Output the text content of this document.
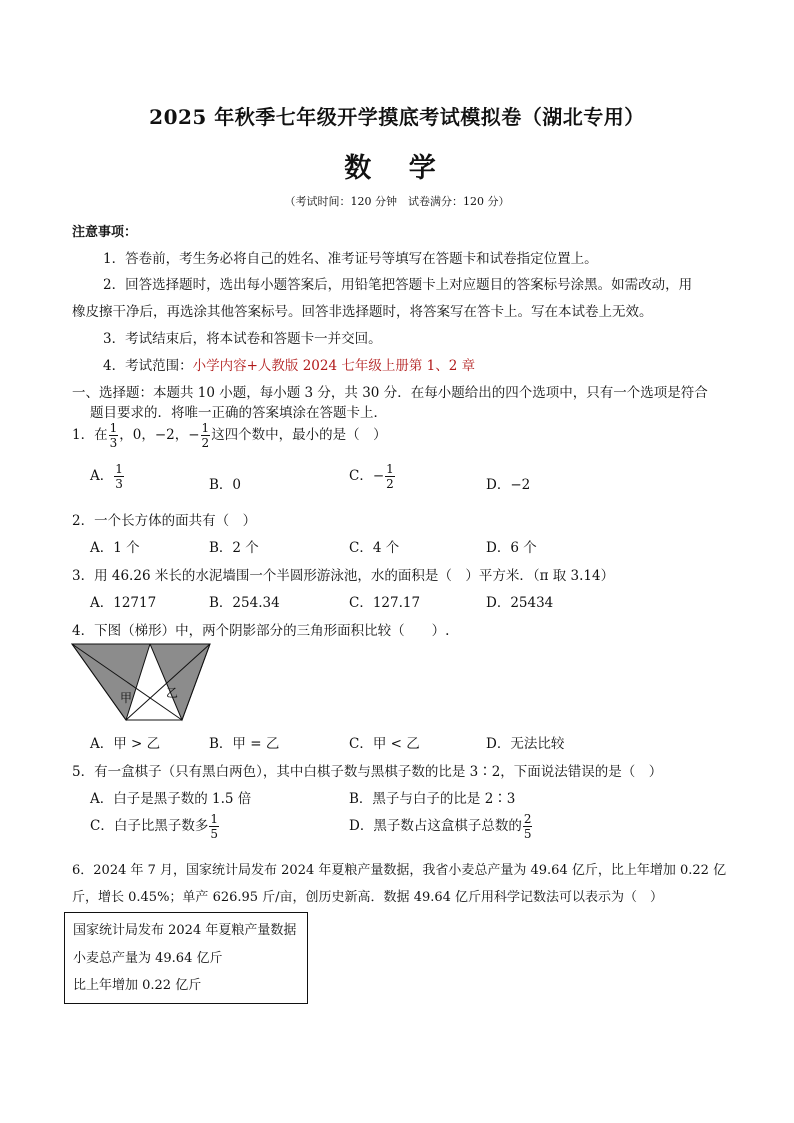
2025 年秋季七年级开学摸底考试模拟卷（湖北专用）
数 学
（考试时间：120 分钟　试卷满分：120 分）
注意事项：
1．答卷前，考生务必将自己的姓名、准考证号等填写在答题卡和试卷指定位置上。
2．回答选择题时，选出每小题答案后，用铅笔把答题卡上对应题目的答案标号涂黑。如需改动，用
橡皮擦干净后，再选涂其他答案标号。回答非选择题时，将答案写在答卡上。写在本试卷上无效。
3．考试结束后，将本试卷和答题卡一并交回。
4．考试范围：小学内容+人教版 2024 七年级上册第 1、2 章
一、选择题：本题共 10 小题，每小题 3 分，共 30 分．在每小题给出的四个选项中，只有一个选项是符合
题目要求的．将唯一正确的答案填涂在答题卡上．
1．在 $\frac{1}{3}$ ，0，−2，− $\frac{1}{2}$ 这四个数中，最小的是（　）
A． $\frac{1}{3}$	B．0
C．− $\frac{1}{2}$	D．−2
2．一个长方体的面共有（　）
A．1 个	B．2 个	C．4 个	D．6 个
3．用 46.26 米长的水泥墙围一个半圆形游泳池，水的面积是（　）平方米．（π 取 3.14）
A．12717	B．254.34	C．127.17	D．25434
4．下图（梯形）中，两个阴影部分的三角形面积比较（　　）.
甲	乙
A．甲 > 乙	B．甲 = 乙	C．甲 < 乙	D．无法比较
5．有一盒棋子（只有黑白两色），其中白棋子数与黑棋子数的比是 3∶2，下面说法错误的是（　）
A．白子是黑子数的 1.5 倍	B．黑子与白子的比是 2∶3
C．白子比黑子数多 $\frac{1}{5}$	D．黑子数占这盒棋子总数的 $\frac{2}{5}$
6．2024 年 7 月，国家统计局发布 2024 年夏粮产量数据，我省小麦总产量为 49.64 亿斤，比上年增加 0.22 亿
斤，增长 0.45%；单产 626.95 斤/亩，创历史新高．数据 49.64 亿斤用科学记数法可以表示为（　）
国家统计局发布 2024 年夏粮产量数据
小麦总产量为 49.64 亿斤
比上年增加 0.22 亿斤
